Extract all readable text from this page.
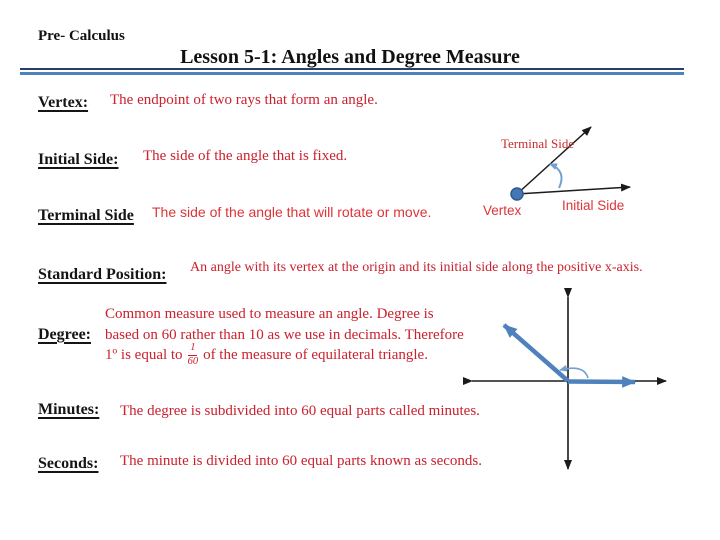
Pre- Calculus
Lesson 5-1: Angles and Degree Measure
Vertex:
Initial Side:
Terminal Side
Standard Position:
Degree:
Minutes:
Seconds:
The endpoint of two rays that form an angle.
The side of the angle that is fixed.
The side of the angle that will rotate or move.
An angle with its vertex at the origin and its initial side along the positive x-axis.
Common measure used to measure an angle. Degree is
based on 60 rather than 10 as we use in decimals. Therefore
1º is equal to $\frac{1}{60}$ of the measure of equilateral triangle.
The degree is subdivided into 60 equal parts called minutes.
The minute is divided into 60 equal parts known as seconds.
Terminal Side
Initial Side
Vertex
